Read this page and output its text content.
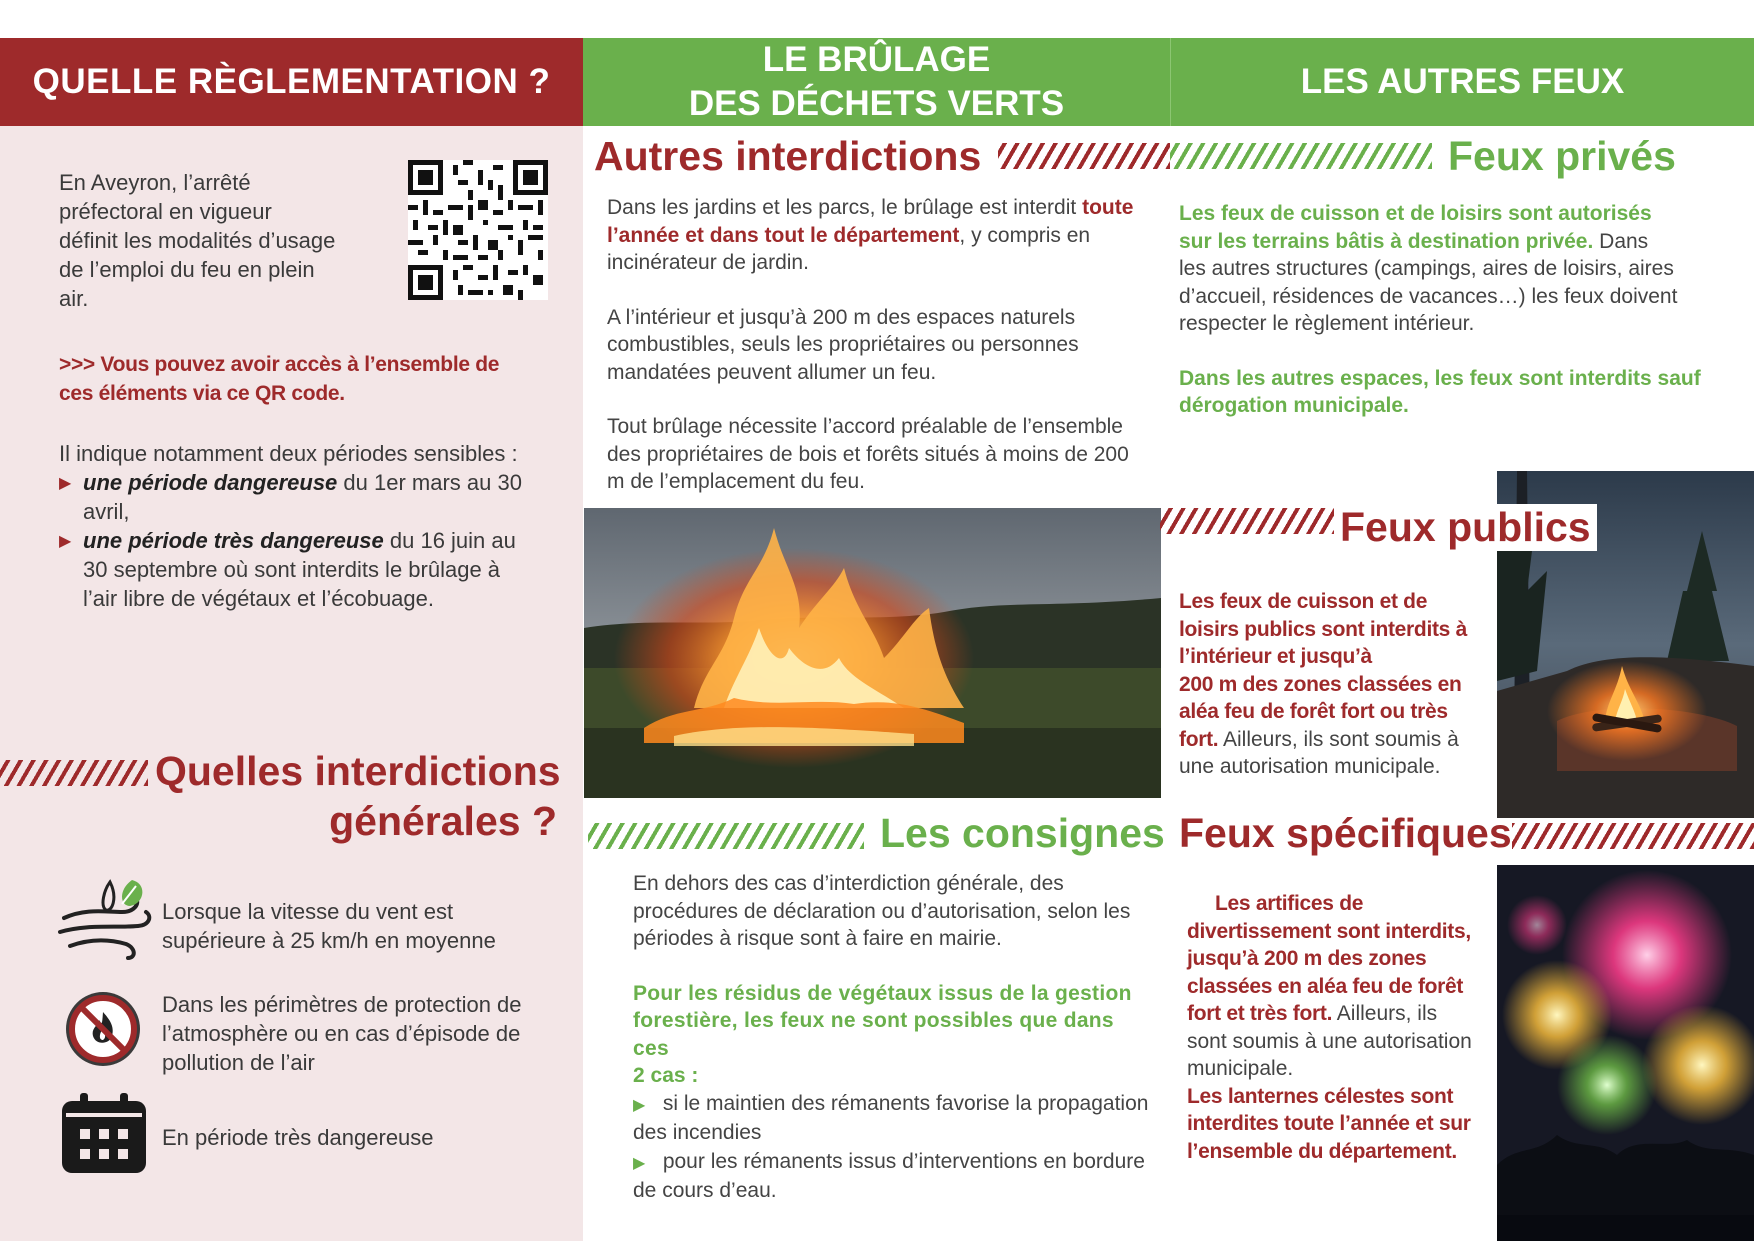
QUELLE RÈGLEMENTATION ?
LE BRÛLAGE
DES DÉCHETS VERTS
LES AUTRES FEUX
En Aveyron, l’arrêté
préfectoral en vigueur
définit les modalités d’usage
de l’emploi du feu en plein
air.
>>> Vous pouvez avoir accès à l’ensemble de
ces éléments via ce QR code.
Il indique notamment deux périodes sensibles :
▶ une période dangereuse du 1er mars au 30
avril,
▶ une période très dangereuse du 16 juin au
30 septembre où sont interdits le brûlage à
l’air libre de végétaux et l’écobuage.
Quelles interdictions
générales ?
Lorsque la vitesse du vent est
supérieure à 25 km/h en moyenne
Dans les périmètres de protection de
l’atmosphère ou en cas d’épisode de
pollution de l’air
En période très dangereuse
Autres interdictions
Dans les jardins et les parcs, le brûlage est interdit toute
l’année et dans tout le département, y compris en
incinérateur de jardin.
A l’intérieur et jusqu’à 200 m des espaces naturels
combustibles, seuls les propriétaires ou personnes
mandatées peuvent allumer un feu.
Tout brûlage nécessite l’accord préalable de l’ensemble
des propriétaires de bois et forêts situés à moins de 200
m de l’emplacement du feu.
Les consignes
En dehors des cas d’interdiction générale, des
procédures de déclaration ou d’autorisation, selon les
périodes à risque sont à faire en mairie.
Pour les résidus de végétaux issus de la gestion
forestière, les feux ne sont possibles que dans ces
2 cas :
▶ si le maintien des rémanents favorise la propagation
des incendies
▶ pour les rémanents issus d’interventions en bordure
de cours d’eau.
Feux privés
Les feux de cuisson et de loisirs sont autorisés
sur les terrains bâtis à destination privée. Dans
les autres structures (campings, aires de loisirs, aires
d’accueil, résidences de vacances…) les feux doivent
respecter le règlement intérieur.
Dans les autres espaces, les feux sont interdits sauf
dérogation municipale.
Feux publics
Les feux de cuisson et de
loisirs publics sont interdits à
l’intérieur et jusqu’à
200 m des zones classées en
aléa feu de forêt fort ou très
fort. Ailleurs, ils sont soumis à
une autorisation municipale.
Feux spécifiques
Les artifices de
divertissement sont interdits,
jusqu’à 200 m des zones
classées en aléa feu de forêt
fort et très fort. Ailleurs, ils
sont soumis à une autorisation
municipale.
Les lanternes célestes sont
interdites toute l’année et sur
l’ensemble du département.
